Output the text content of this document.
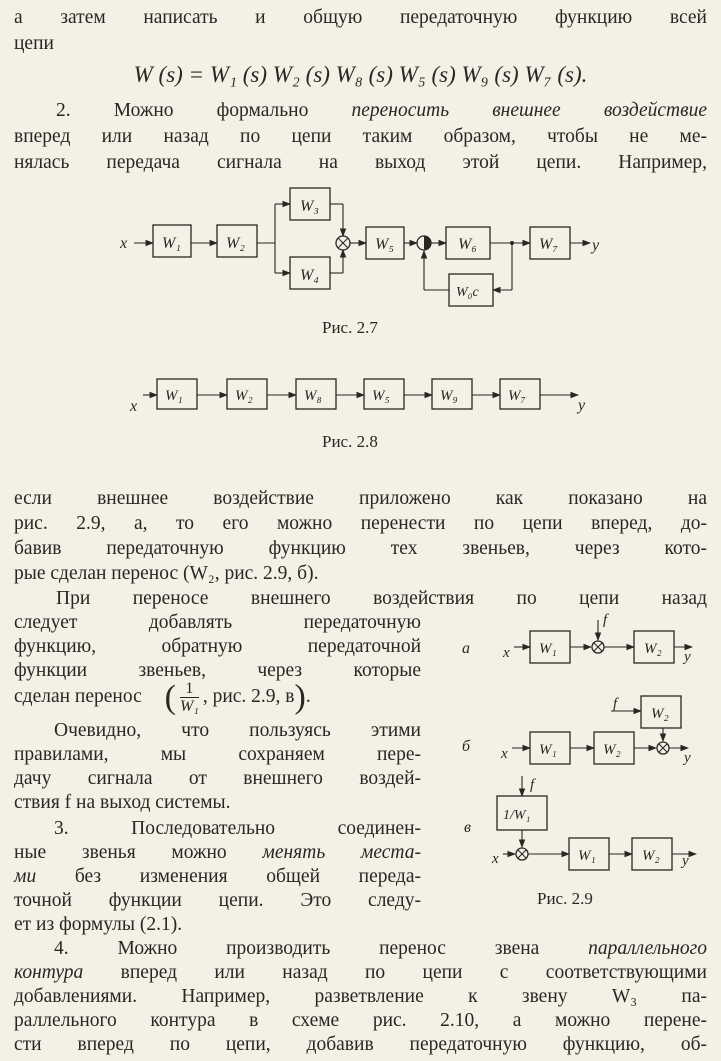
а затем написать и общую передаточную функцию всей
цепи
W (s) = W₁ (s) W₂ (s) W₈ (s) W₅ (s) W₉ (s) W₇ (s).
2. Можно формально переносить внешнее воздействие
вперед или назад по цепи таким образом, чтобы не ме-
нялась передача сигнала на выход этой цепи. Например,
x W₁	W₂
W₃
W₄
W₅	W₆	W₇ y
W₀c
x
W₁	W₂	W₈	W₅	W₉	W₇
y
а x W₁
f
W₂ y
б
f
W₂
x W₁	W₂	y
в
f
1/W₁
x	W₁	W₂ y
Рис. 2.7
Рис. 2.8
Рис. 2.9
если внешнее воздействие приложено как показано на
рис. 2.9, а, то его можно перенести по цепи вперед, до-
бавив передаточную функцию тех звеньев, через кото-
рые сделан перенос (W₂, рис. 2.9, б).
При переносе внешнего воздействия по цепи назад
следует добавлять передаточную
функцию, обратную передаточной
функции звеньев, через которые
сделан перенос ( $\frac{1}{\text{W₁}}$ , рис. 2.9, в).
Очевидно, что пользуясь этими
правилами, мы сохраняем пере-
дачу сигнала от внешнего воздей-
ствия f на выход системы.
3. Последовательно соединен-
ные звенья можно менять места-
ми без изменения общей переда-
точной функции цепи. Это следу-
ет из формулы (2.1).
4. Можно производить перенос звена параллельного
контура вперед или назад по цепи с соответствующими
добавлениями. Например, разветвление к звену W₃ па-
раллельного контура в схеме рис. 2.10, а можно перене-
сти вперед по цепи, добавив передаточную функцию, об-
